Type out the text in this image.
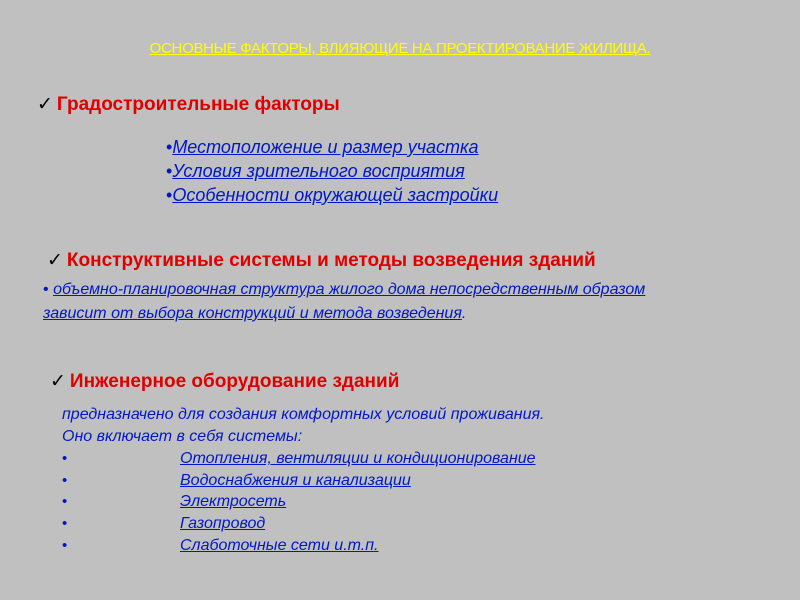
ОСНОВНЫЕ ФАКТОРЫ, ВЛИЯЮЩИЕ НА ПРОЕКТИРОВАНИЕ ЖИЛИЩА.
✓ Градостроительные факторы
•Местоположение и размер участка
•Условия зрительного восприятия
•Особенности окружающей застройки
✓ Конструктивные системы и методы возведения зданий
• объемно-планировочная структура жилого дома непосредственным образом
зависит от выбора конструкций и метода возведения.
✓ Инженерное оборудование зданий
предназначено для создания комфортных условий проживания.
Оно включает в себя системы:
•	Отопления, вентиляции и кондиционирование
•	Водоснабжения и канализации
•	Электросеть
•	Газопровод
•	Слаботочные сети и.т.п.
